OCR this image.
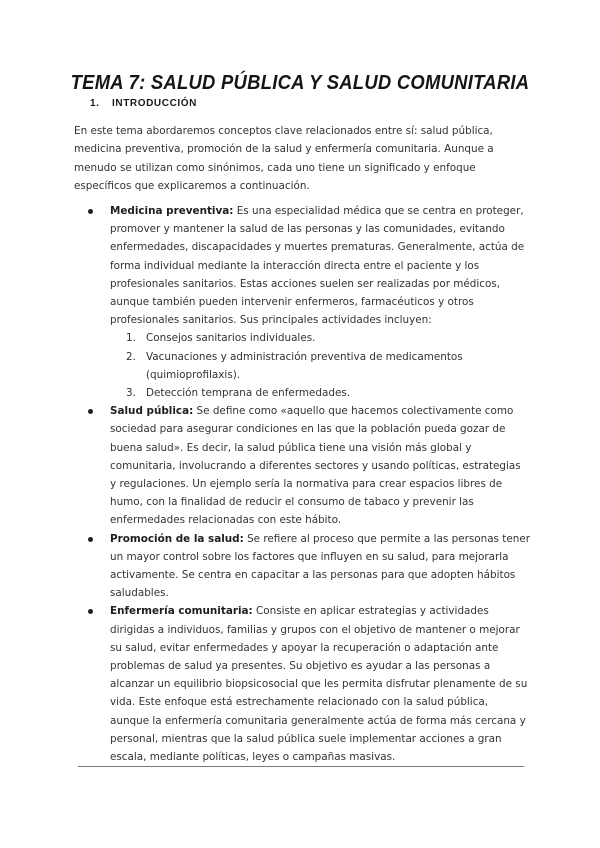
TEMA 7: SALUD PÚBLICA Y SALUD COMUNITARIA
1. INTRODUCCIÓN

En este tema abordaremos conceptos clave relacionados entre sí: salud pública, medicina preventiva, promoción de la salud y enfermería comunitaria. Aunque a menudo se utilizan como sinónimos, cada uno tiene un significado y enfoque específicos que explicaremos a continuación.

Medicina preventiva: Es una especialidad médica que se centra en proteger, promover y mantener la salud de las personas y las comunidades, evitando enfermedades, discapacidades y muertes prematuras. Generalmente, actúa de forma individual mediante la interacción directa entre el paciente y los profesionales sanitarios. Estas acciones suelen ser realizadas por médicos, aunque también pueden intervenir enfermeros, farmacéuticos y otros profesionales sanitarios. Sus principales actividades incluyen:
1. Consejos sanitarios individuales.
2. Vacunaciones y administración preventiva de medicamentos (quimioprofilaxis).
3. Detección temprana de enfermedades.
Salud pública: Se define como «aquello que hacemos colectivamente como sociedad para asegurar condiciones en las que la población pueda gozar de buena salud». Es decir, la salud pública tiene una visión más global y comunitaria, involucrando a diferentes sectores y usando políticas, estrategias y regulaciones. Un ejemplo sería la normativa para crear espacios libres de humo, con la finalidad de reducir el consumo de tabaco y prevenir las enfermedades relacionadas con este hábito.
Promoción de la salud: Se refiere al proceso que permite a las personas tener un mayor control sobre los factores que influyen en su salud, para mejorarla activamente. Se centra en capacitar a las personas para que adopten hábitos saludables.
Enfermería comunitaria: Consiste en aplicar estrategias y actividades dirigidas a individuos, familias y grupos con el objetivo de mantener o mejorar su salud, evitar enfermedades y apoyar la recuperación o adaptación ante problemas de salud ya presentes. Su objetivo es ayudar a las personas a alcanzar un equilibrio biopsicosocial que les permita disfrutar plenamente de su vida. Este enfoque está estrechamente relacionado con la salud pública, aunque la enfermería comunitaria generalmente actúa de forma más cercana y personal, mientras que la salud pública suele implementar acciones a gran escala, mediante políticas, leyes o campañas masivas.
